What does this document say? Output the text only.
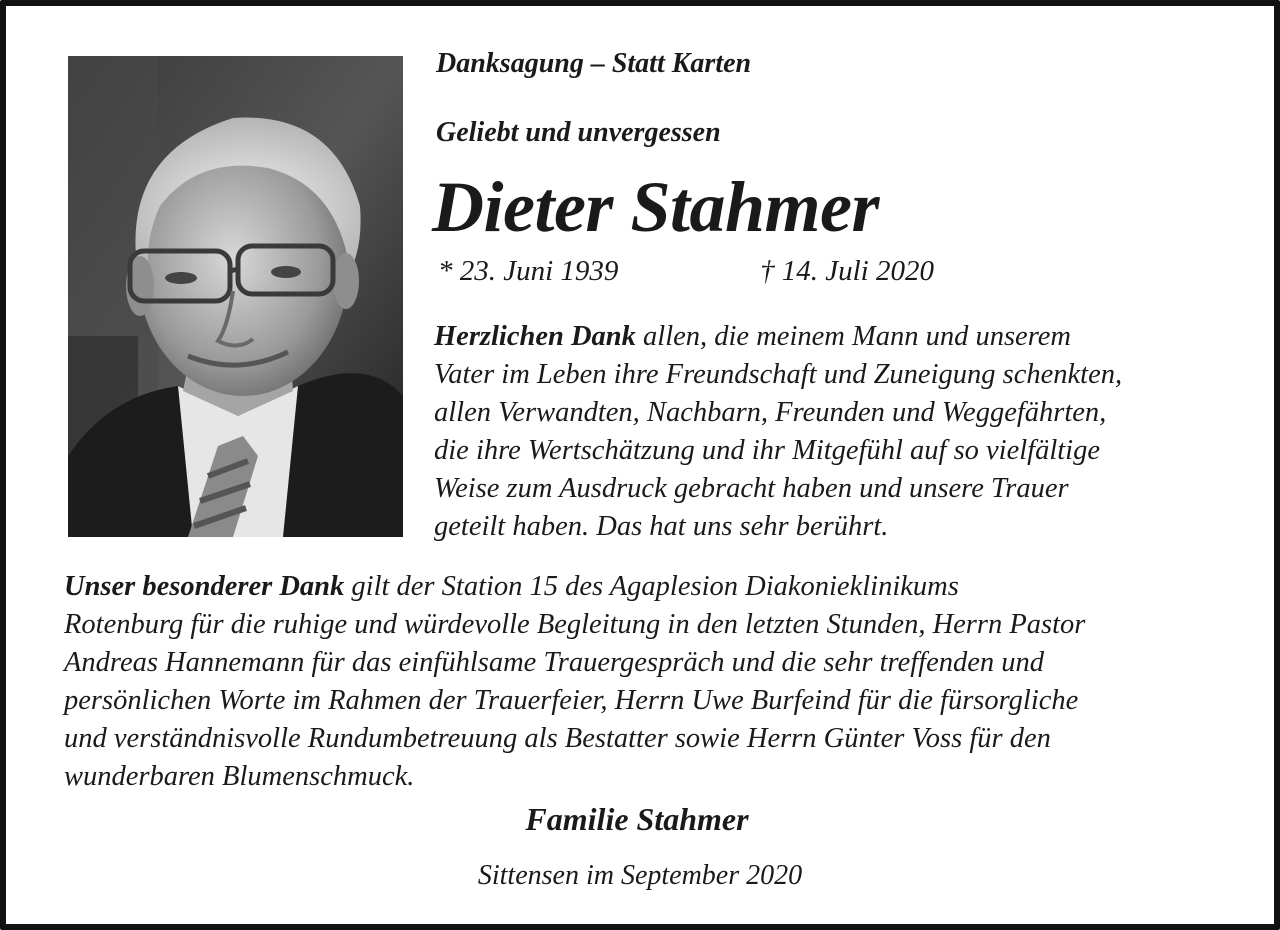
Danksagung – Statt Karten
Geliebt und unvergessen
Dieter Stahmer
* 23. Juni 1939	† 14. Juli 2020

Herzlichen Dank allen, die meinem Mann und unserem
Vater im Leben ihre Freundschaft und Zuneigung schenkten,
allen Verwandten, Nachbarn, Freunden und Weggefährten,
die ihre Wertschätzung und ihr Mitgefühl auf so vielfältige
Weise zum Ausdruck gebracht haben und unsere Trauer
geteilt haben. Das hat uns sehr berührt.

Unser besonderer Dank gilt der Station 15 des Agaplesion Diakonieklinikums
Rotenburg für die ruhige und würdevolle Begleitung in den letzten Stunden, Herrn Pastor
Andreas Hannemann für das einfühlsame Trauergespräch und die sehr treffenden und
persönlichen Worte im Rahmen der Trauerfeier, Herrn Uwe Burfeind für die fürsorgliche
und verständnisvolle Rundumbetreuung als Bestatter sowie Herrn Günter Voss für den
wunderbaren Blumenschmuck.

Familie Stahmer
Sittensen im September 2020
